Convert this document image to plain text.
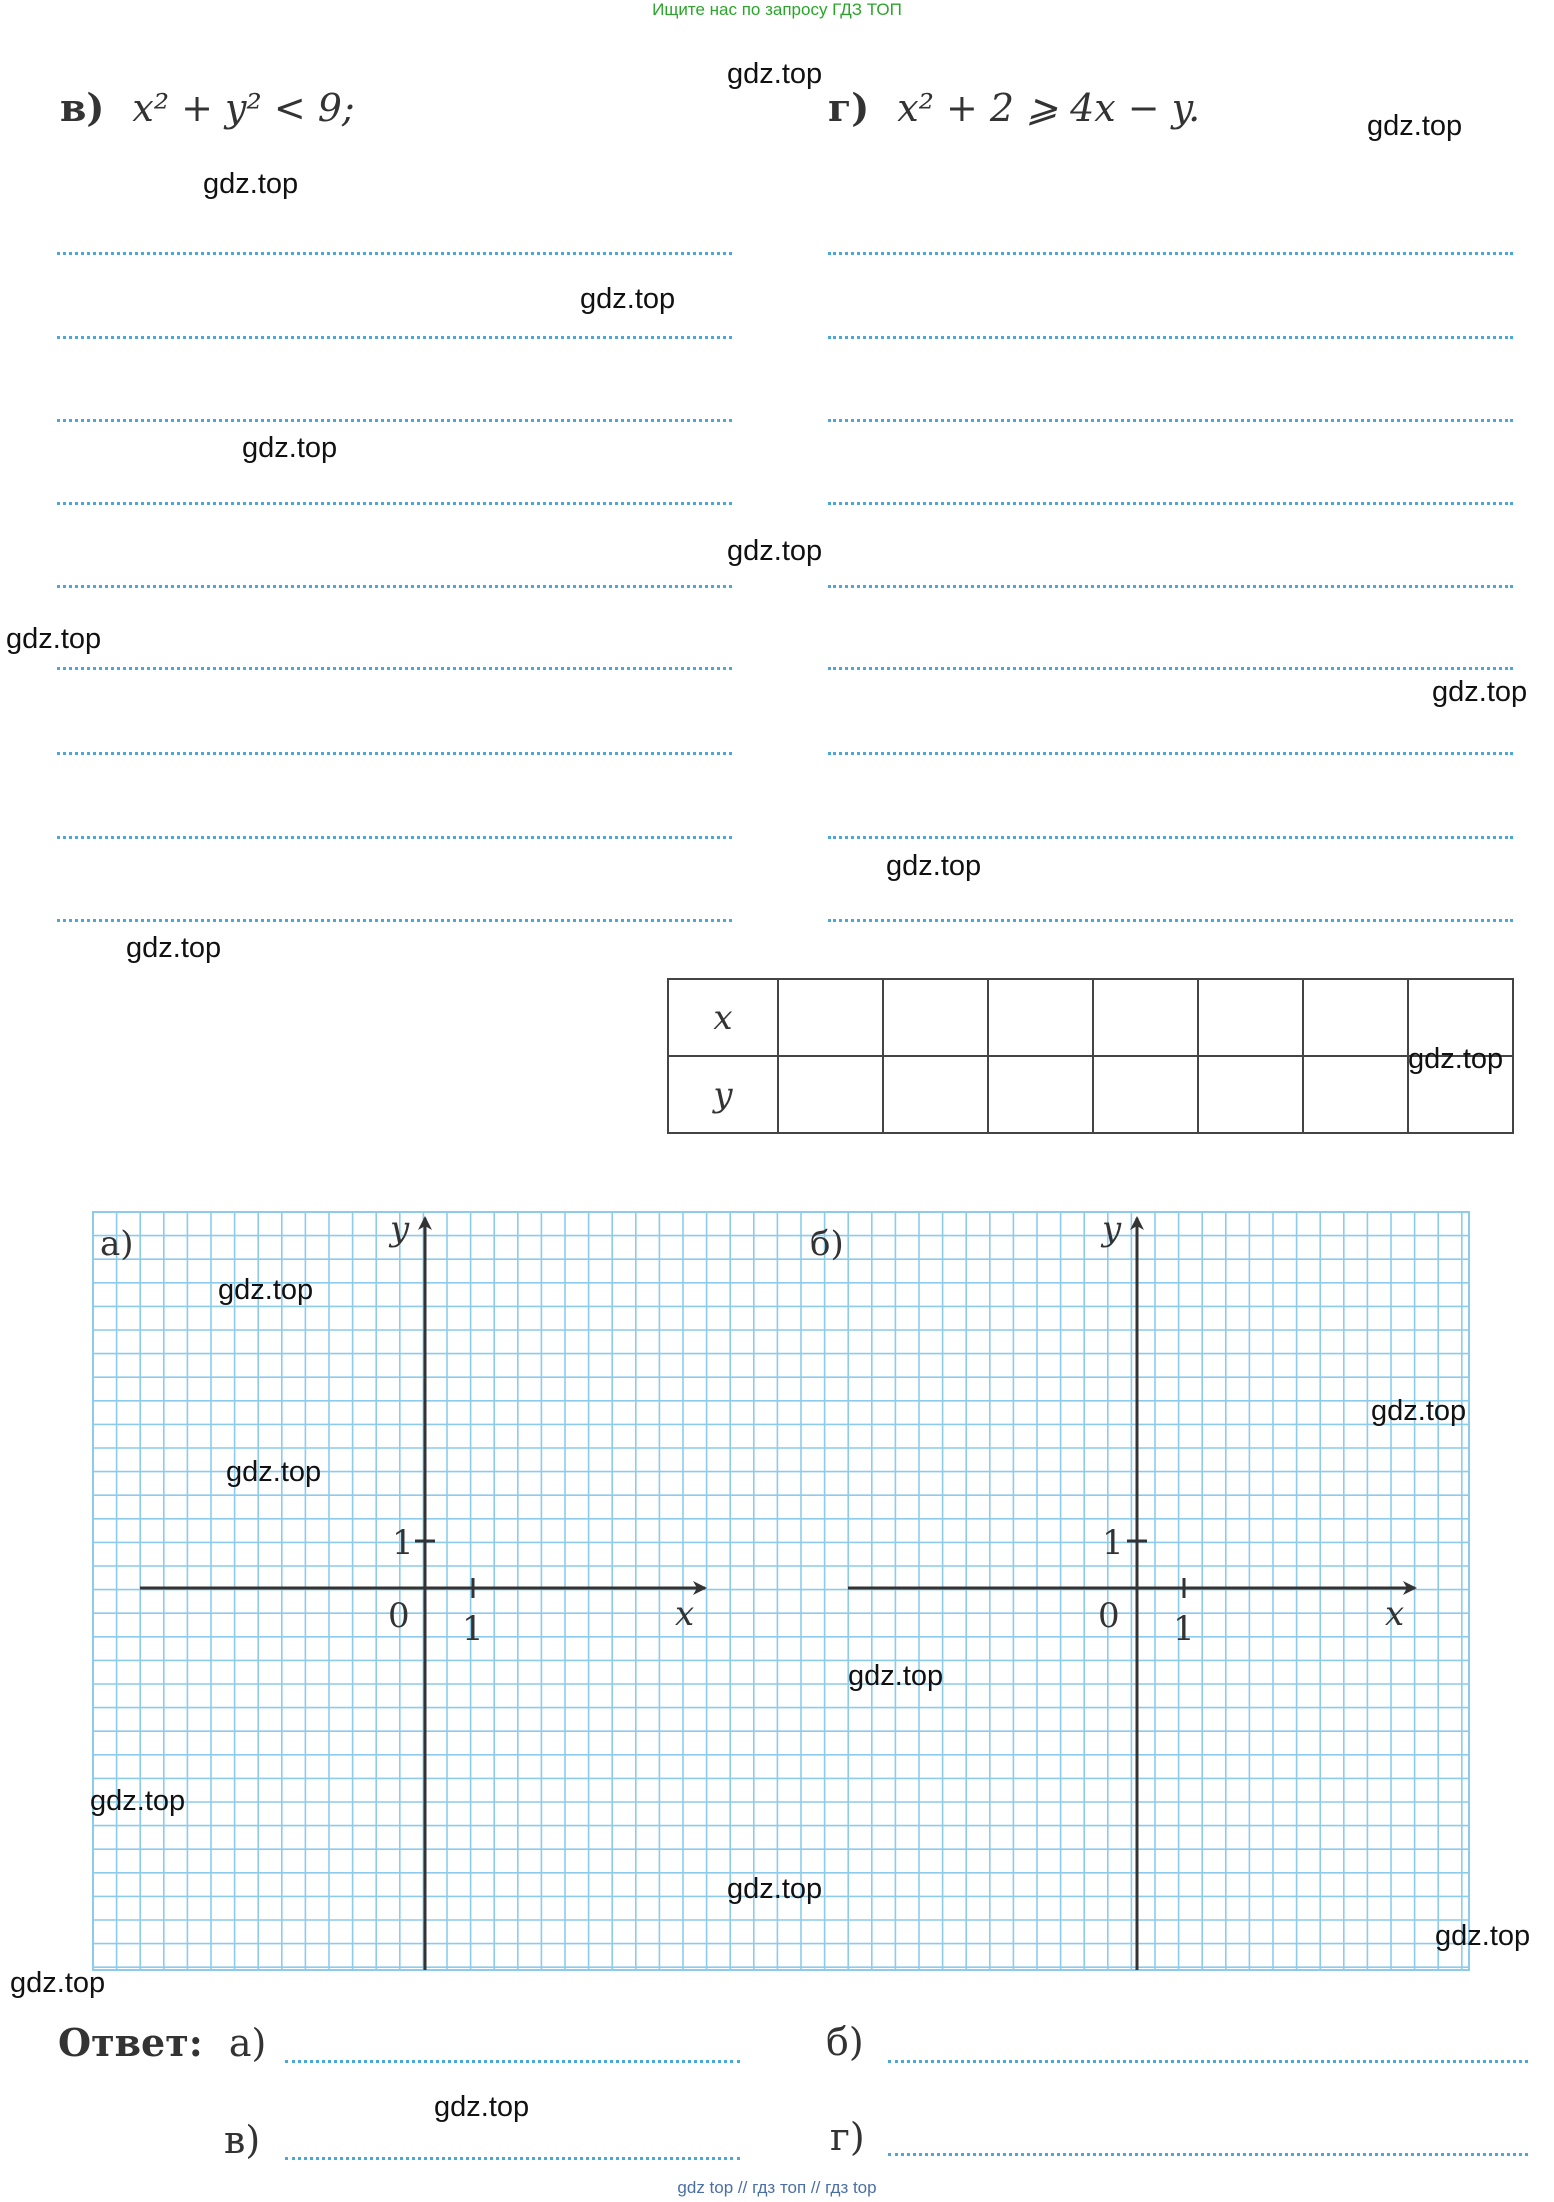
Ищите нас по запросу ГДЗ ТОП
в) x² + y² < 9;	г) x² + 2 ⩾ 4x − y.
x							
y							
а)	y
x
0 1
1
б)	y
x
0 1
1
Ответ: а)	б)
в)	г)
gdz.top
gdz.top
gdz.top
gdz.top
gdz.top
gdz.top
gdz.top
gdz.top
gdz.top
gdz.top
gdz.top
gdz.top
gdz.top
gdz.top
gdz.top
gdz.top
gdz.top
gdz.top
gdz.top
gdz.top
gdz top // гдз топ // гдз top
